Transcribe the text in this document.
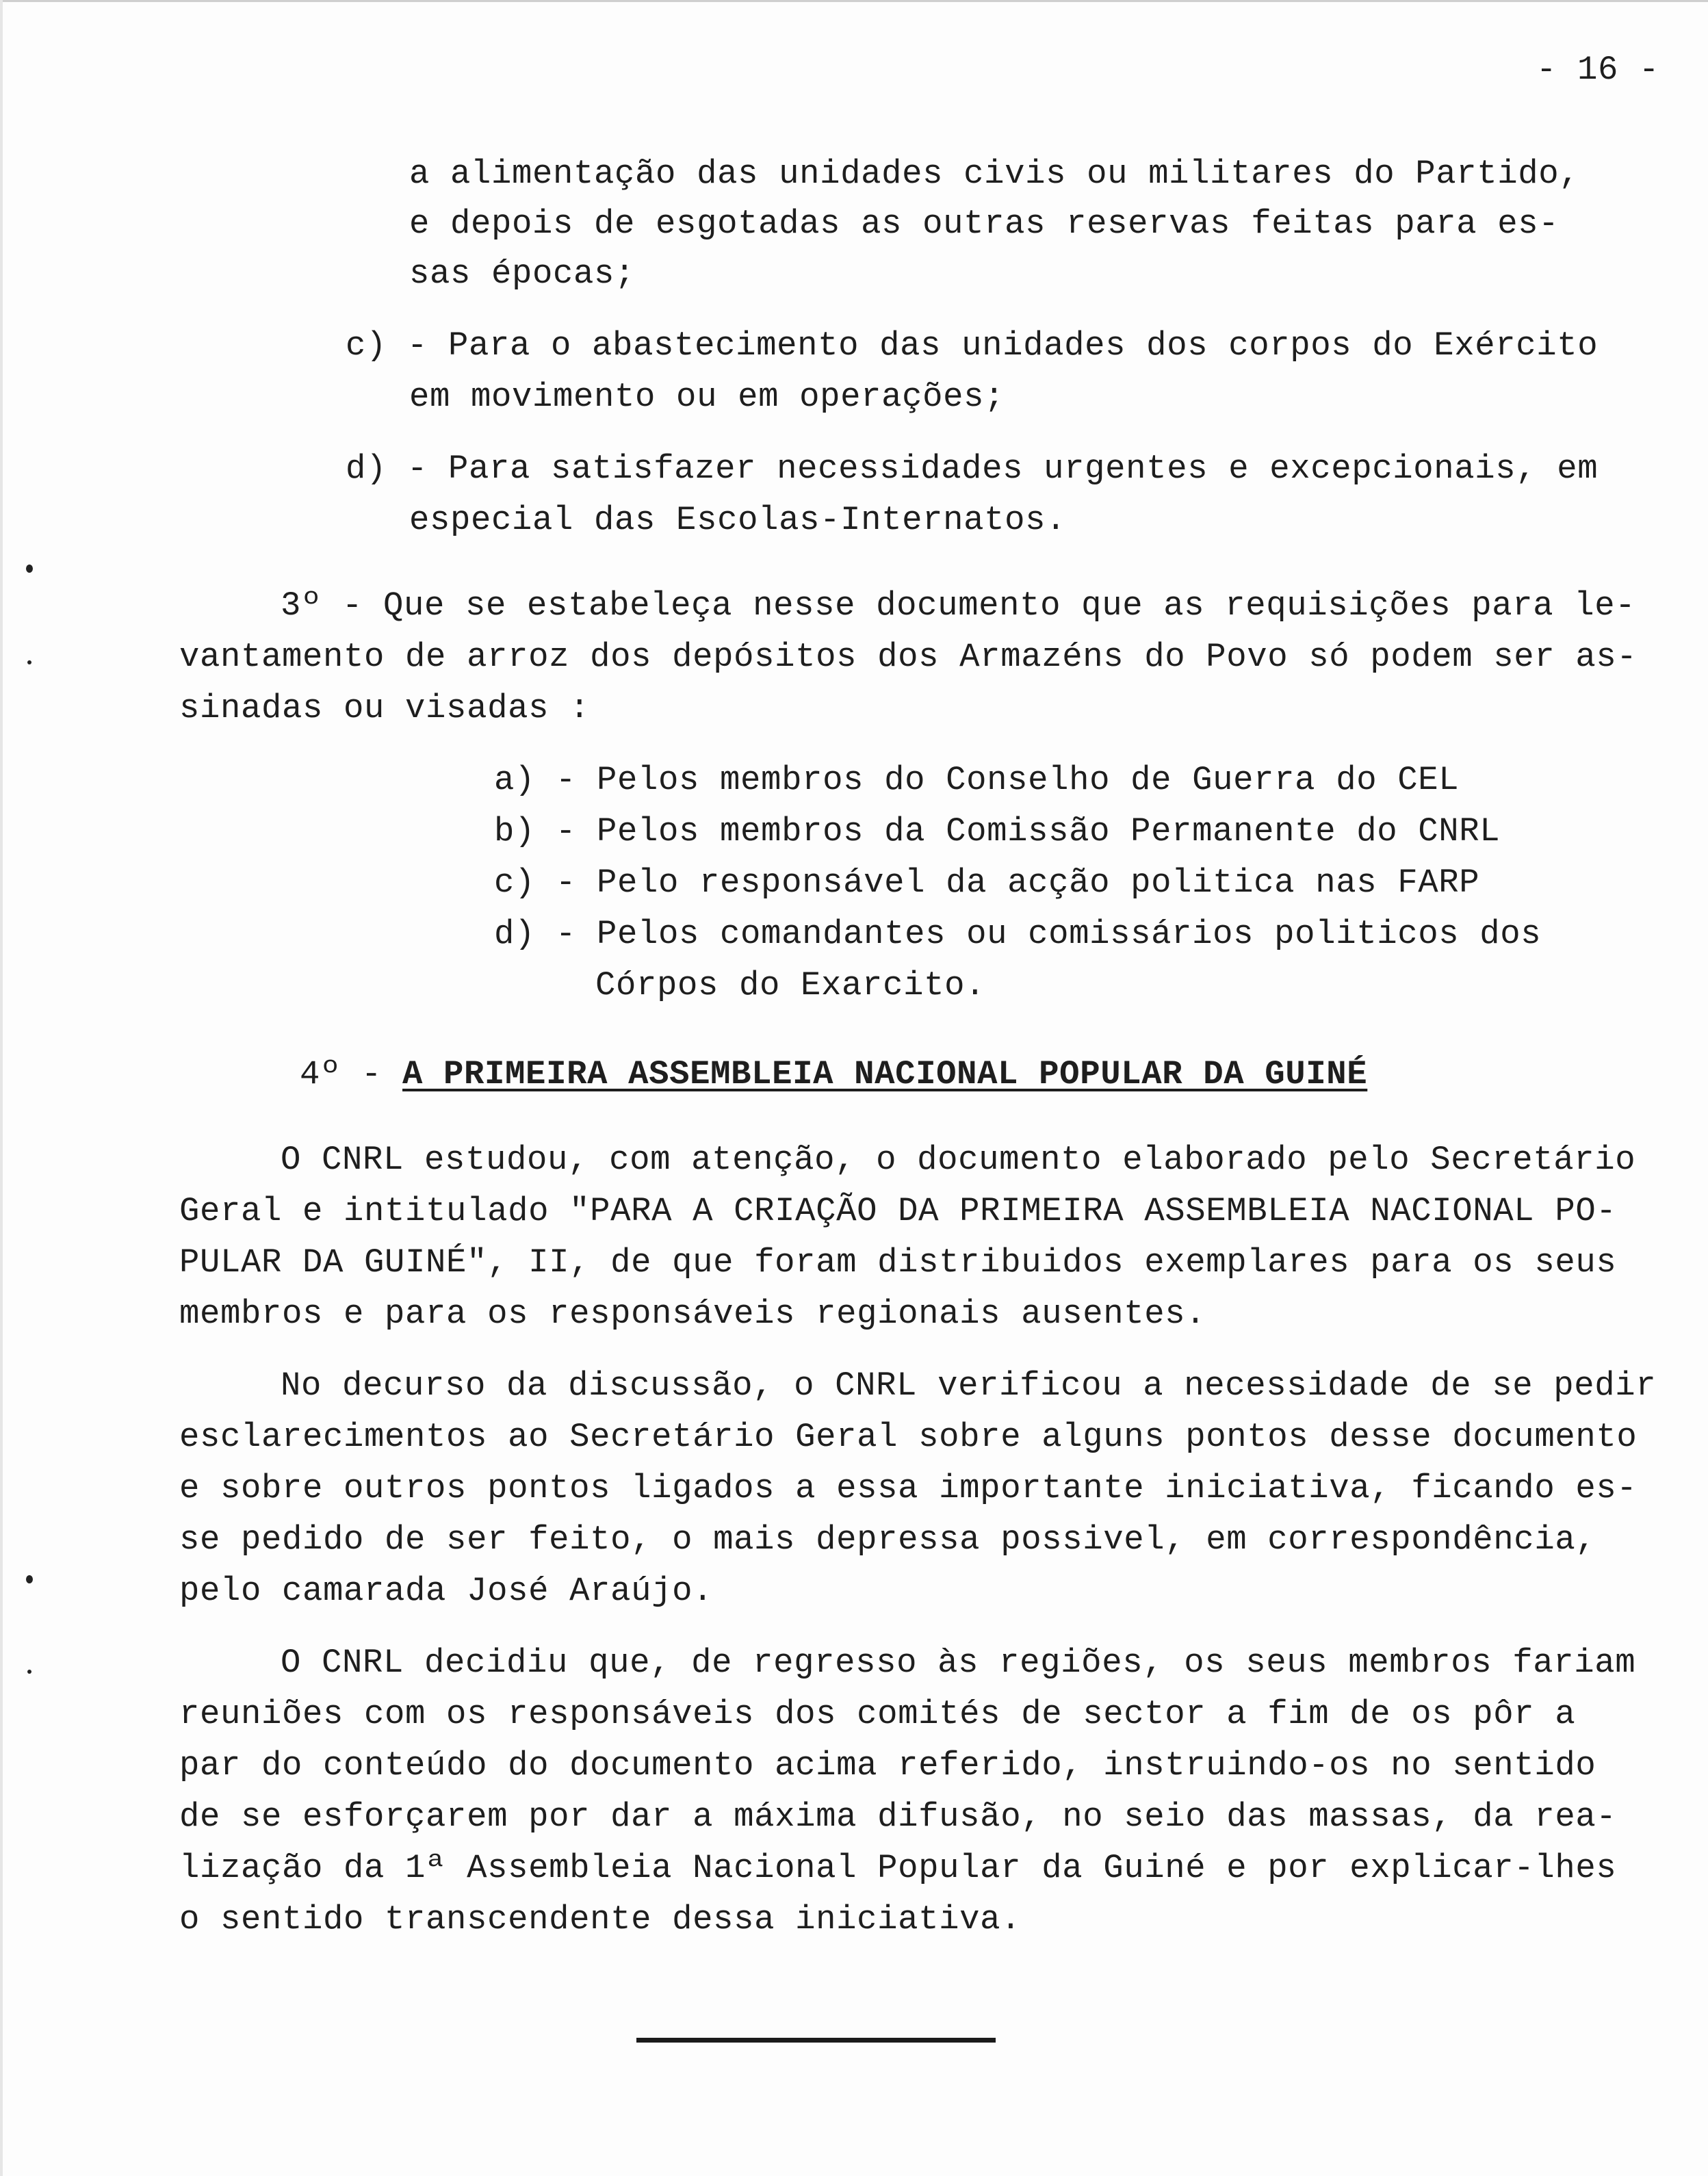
- 16 -
a alimentação das unidades civis ou militares do Partido,
e depois de esgotadas as outras reservas feitas para es-
sas épocas;
c) - Para o abastecimento das unidades dos corpos do Exército
em movimento ou em operações;
d) - Para satisfazer necessidades urgentes e excepcionais, em
especial das Escolas-Internatos.
3º - Que se estabeleça nesse documento que as requisições para le-
vantamento de arroz dos depósitos dos Armazéns do Povo só podem ser as-
sinadas ou visadas :
a) - Pelos membros do Conselho de Guerra do CEL
b) - Pelos membros da Comissão Permanente do CNRL
c) - Pelo responsável da acção politica nas FARP
d) - Pelos comandantes ou comissários politicos dos
Córpos do Exarcito.
4º - A PRIMEIRA ASSEMBLEIA NACIONAL POPULAR DA GUINÉ
O CNRL estudou, com atenção, o documento elaborado pelo Secretário
Geral e intitulado "PARA A CRIAÇÃO DA PRIMEIRA ASSEMBLEIA NACIONAL PO-
PULAR DA GUINÉ", II, de que foram distribuidos exemplares para os seus
membros e para os responsáveis regionais ausentes.
No decurso da discussão, o CNRL verificou a necessidade de se pedir
esclarecimentos ao Secretário Geral sobre alguns pontos desse documento
e sobre outros pontos ligados a essa importante iniciativa, ficando es-
se pedido de ser feito, o mais depressa possivel, em correspondência,
pelo camarada José Araújo.
O CNRL decidiu que, de regresso às regiões, os seus membros fariam
reuniões com os responsáveis dos comités de sector a fim de os pôr a
par do conteúdo do documento acima referido, instruindo-os no sentido
de se esforçarem por dar a máxima difusão, no seio das massas, da rea-
lização da 1ª Assembleia Nacional Popular da Guiné e por explicar-lhes
o sentido transcendente dessa iniciativa.
